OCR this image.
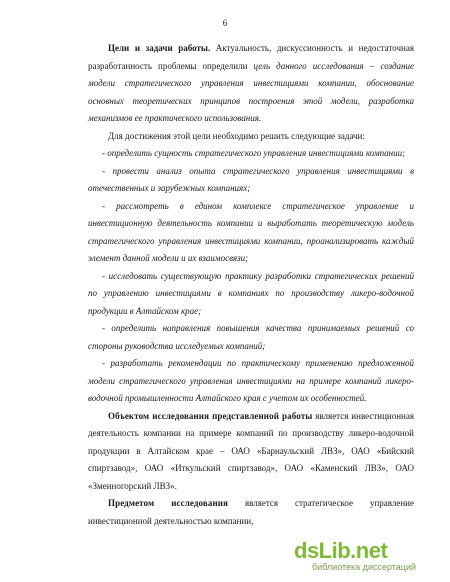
6

Цели и задачи работы. Актуальность, дискуссионность и недостаточная разработанность проблемы определили цель данного исследования – создание модели стратегического управления инвестициями компании, обоснование основных теоретических принципов построения этой модели, разработка механизмов ее практического использования.

Для достижения этой цели необходимо решить следующие задачи:

- определить сущность стратегического управления инвестициями компании;

- провести анализ опыта стратегического управления инвестициями в отечественных и зарубежных компаниях;

- рассмотреть в едином комплексе стратегическое управление и инвестиционную деятельность компании и выработать теоретическую модель стратегического управления инвестициями компании, проанализировать каждый элемент данной модели и их взаимосвязи;

- исследовать существующую практику разработки стратегических решений по управлению инвестициями в компаниях по производству ликеро-водочной продукции в Алтайском крае;

- определить направления повышения качества принимаемых решений со стороны руководства исследуемых компаний;

- разработать рекомендации по практическому применению предложенной модели стратегического управления инвестициями на примере компаний ликеро-водочной промышленности Алтайского края с учетом их особенностей.

Объектом исследования представленной работы является инвестиционная деятельность компании на примере компаний по производству ликеро-водочной продукции в Алтайском крае – ОАО «Барнаульский ЛВЗ», ОАО «Бийский спиртзавод», ОАО «Иткульский спиртзавод», ОАО «Каменский ЛВЗ», ОАО «Змеиногорский ЛВЗ».

Предметом исследования является стратегическое управление инвестиционной деятельностью компании,

dsLib.net
библиотека диссертаций
